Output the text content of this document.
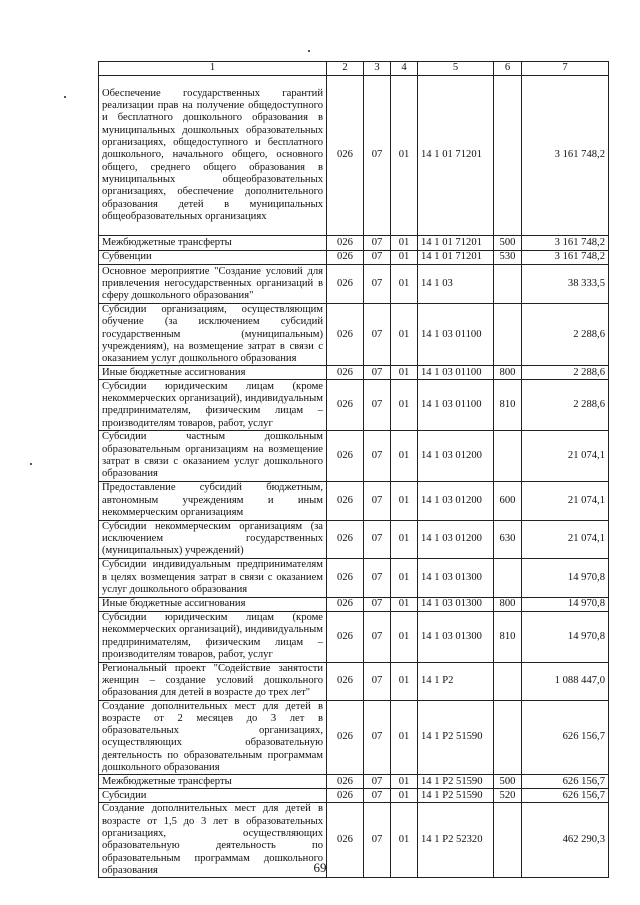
1	2	3	4	5	6	7
Обеспечение государственных гарантий реализации прав на получение общедоступного и бесплатного дошкольного образования в муниципальных дошкольных образовательных организациях, общедоступного и бесплатного дошкольного, начального общего, основного общего, среднего общего образования в муниципальных общеобразовательных организациях, обеспечение дополнительного образования детей в муниципальных общеобразовательных организациях	026	07	01	14 1 01 71201		3 161 748,2
Межбюджетные трансферты	026	07	01	14 1 01 71201	500	3 161 748,2
Субвенции	026	07	01	14 1 01 71201	530	3 161 748,2
Основное мероприятие "Создание условий для привлечения негосударственных организаций в сферу дошкольного образования"	026	07	01	14 1 03		38 333,5
Субсидии организациям, осуществляющим обучение (за исключением субсидий государственным (муниципальным) учреждениям), на возмещение затрат в связи с оказанием услуг дошкольного образования	026	07	01	14 1 03 01100		2 288,6
Иные бюджетные ассигнования	026	07	01	14 1 03 01100	800	2 288,6
Субсидии юридическим лицам (кроме некоммерческих организаций), индивидуальным предпринимателям, физическим лицам – производителям товаров, работ, услуг	026	07	01	14 1 03 01100	810	2 288,6
Субсидии частным дошкольным образовательным организациям на возмещение затрат в связи с оказанием услуг дошкольного образования	026	07	01	14 1 03 01200		21 074,1
Предоставление субсидий бюджетным, автономным учреждениям и иным некоммерческим организациям	026	07	01	14 1 03 01200	600	21 074,1
Субсидии некоммерческим организациям (за исключением государственных (муниципальных) учреждений)	026	07	01	14 1 03 01200	630	21 074,1
Субсидии индивидуальным предпринимателям в целях возмещения затрат в связи с оказанием услуг дошкольного образования	026	07	01	14 1 03 01300		14 970,8
Иные бюджетные ассигнования	026	07	01	14 1 03 01300	800	14 970,8
Субсидии юридическим лицам (кроме некоммерческих организаций), индивидуальным предпринимателям, физическим лицам – производителям товаров, работ, услуг	026	07	01	14 1 03 01300	810	14 970,8
Региональный проект "Содействие занятости женщин – создание условий дошкольного образования для детей в возрасте до трех лет"	026	07	01	14 1 P2		1 088 447,0
Создание дополнительных мест для детей в возрасте от 2 месяцев до 3 лет в образовательных организациях, осуществляющих образовательную деятельность по образовательным программам дошкольного образования	026	07	01	14 1 P2 51590		626 156,7
Межбюджетные трансферты	026	07	01	14 1 P2 51590	500	626 156,7
Субсидии	026	07	01	14 1 P2 51590	520	626 156,7
Создание дополнительных мест для детей в возрасте от 1,5 до 3 лет в образовательных организациях, осуществляющих образовательную деятельность по образовательным программам дошкольного образования	026	07	01	14 1 P2 52320		462 290,3
69
